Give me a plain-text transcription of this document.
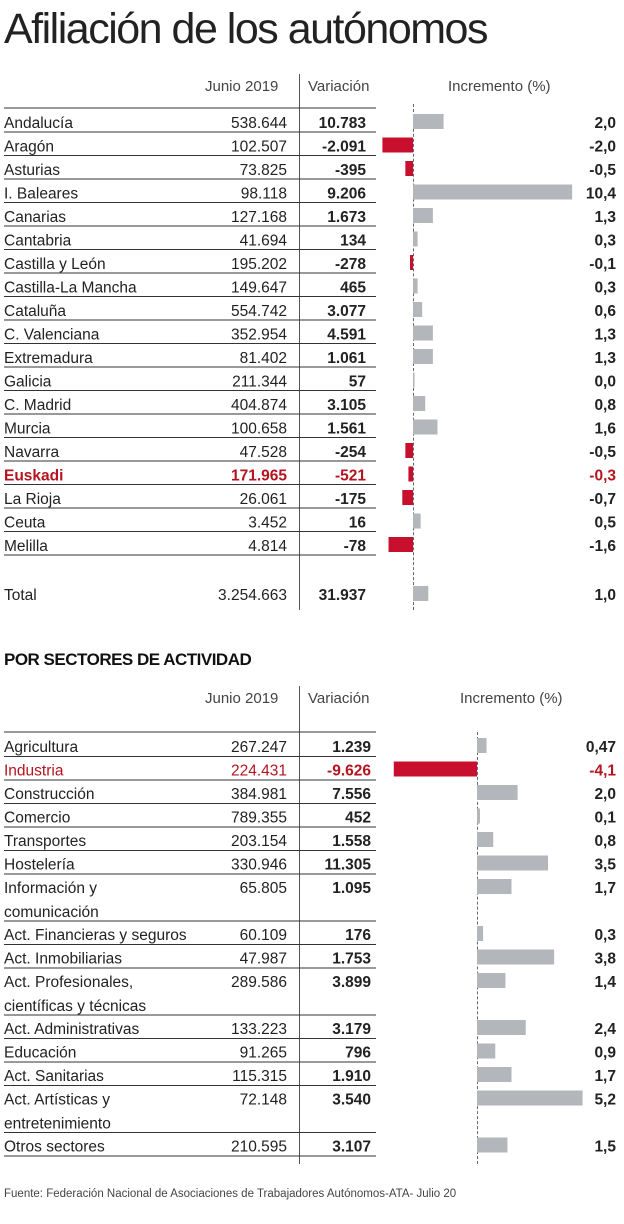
Afiliación de los autónomos
Junio 2019 Variación	Incremento (%)
POR SECTORES DE ACTIVIDAD
Junio 2019 Variación	Incremento (%)
Andalucía	538.644 10.783	2,0
Aragón	102.507 -2.091	-2,0
Asturias	73.825	-395	-0,5
I. Baleares	98.118	9.206	10,4
Canarias	127.168	1.673	1,3
Cantabria	41.694	134	0,3
Castilla y León	195.202	-278	-0,1
Castilla-La Mancha	149.647	465	0,3
Cataluña	554.742	3.077	0,6
C. Valenciana	352.954	4.591	1,3
Extremadura	81.402	1.061	1,3
Galicia	211.344	57	0,0
C. Madrid	404.874	3.105	0,8
Murcia	100.658	1.561	1,6
Navarra	47.528	-254	-0,5
Euskadi	171.965	-521	-0,3
La Rioja	26.061	-175	-0,7
Ceuta	3.452	16	0,5
Melilla	4.814	-78	-1,6
Total	3.254.663 31.937	1,0
Agricultura	267.247	1.239	0,47
Industria	224.431	-9.626	-4,1
Construcción	384.981	7.556	2,0
Comercio	789.355	452	0,1
Transportes	203.154	1.558	0,8
Hostelería	330.946 11.305	3,5
Información y
comunicación
65.805	1.095	1,7
Act. Financieras y seguros	60.109	176	0,3
Act. Inmobiliarias	47.987	1.753	3,8
Act. Profesionales,
científicas y técnicas
289.586	3.899	1,4
Act. Administrativas	133.223	3.179	2,4
Educación	91.265	796	0,9
Act. Sanitarias	115.315	1.910	1,7
Act. Artísticas y
entretenimiento
72.148	3.540	5,2
Otros sectores	210.595	3.107	1,5
Fuente: Federación Nacional de Asociaciones de Trabajadores Autónomos-ATA- Julio 20
